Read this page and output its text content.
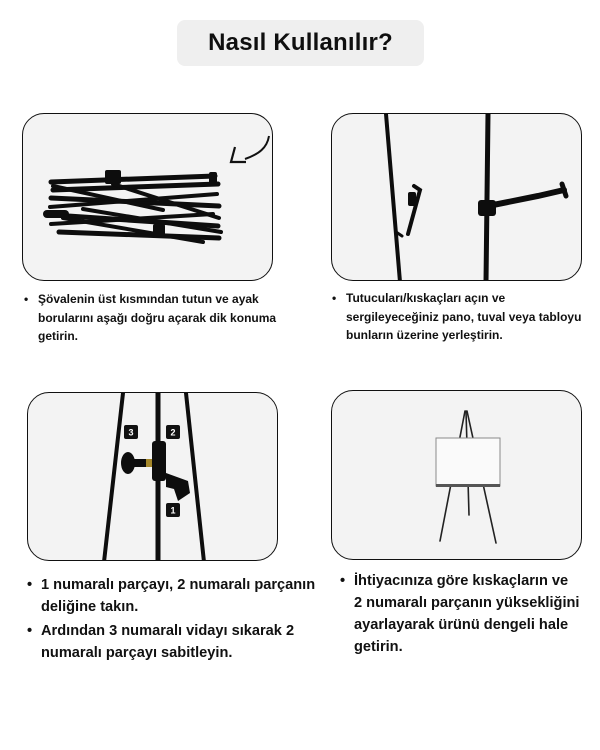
Nasıl Kullanılır?
3	2
1
• Şövalenin üst kısmından tutun ve ayak borularını aşağı doğru açarak dik konuma getirin.
• Tutucuları/kıskaçları açın ve sergileyeceğiniz pano, tuval veya tabloyu bunların üzerine yerleştirin.
• 1 numaralı parçayı, 2 numaralı parçanın deliğine takın.
• Ardından 3 numaralı vidayı sıkarak 2 numaralı parçayı sabitleyin.
• İhtiyacınıza göre kıskaçların ve 2 numaralı parçanın yüksekliğini ayarlayarak ürünü dengeli hale getirin.
